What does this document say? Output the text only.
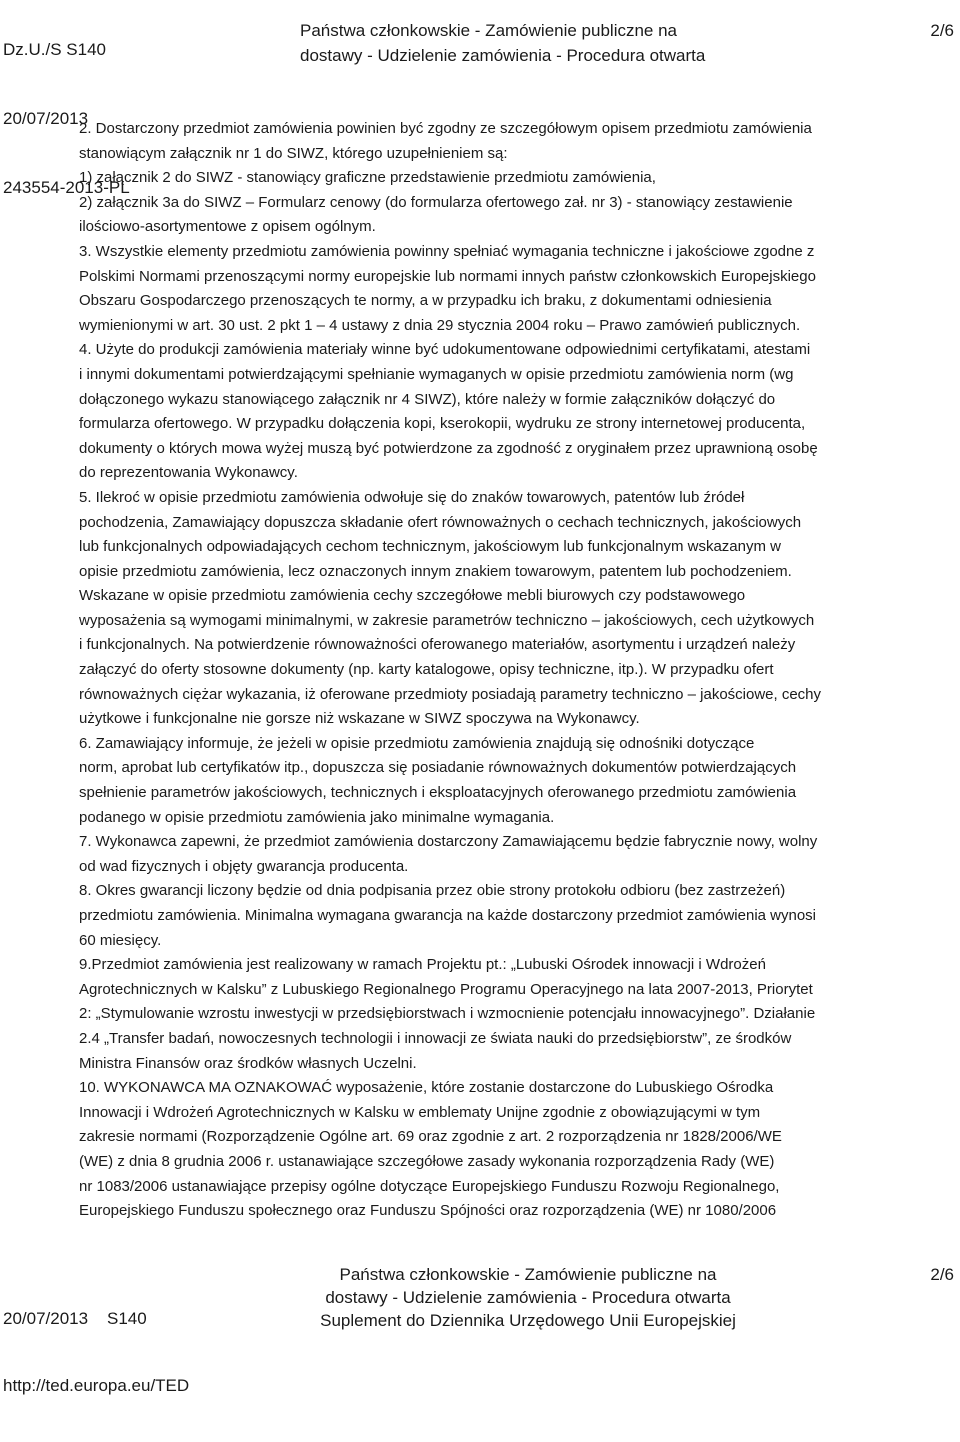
Dz.U./S S140

20/07/2013

243554-2013-PL

Państwa członkowskie - Zamówienie publiczne na
dostawy - Udzielenie zamówienia - Procedura otwarta
2/6
2. Dostarczony przedmiot zamówienia powinien być zgodny ze szczegółowym opisem przedmiotu zamówienia
stanowiącym załącznik nr 1 do SIWZ, którego uzupełnieniem są:
1) załącznik 2 do SIWZ - stanowiący graficzne przedstawienie przedmiotu zamówienia,
2) załącznik 3a do SIWZ – Formularz cenowy (do formularza ofertowego zał. nr 3) - stanowiący zestawienie
ilościowo-asortymentowe z opisem ogólnym.
3. Wszystkie elementy przedmiotu zamówienia powinny spełniać wymagania techniczne i jakościowe zgodne z
Polskimi Normami przenoszącymi normy europejskie lub normami innych państw członkowskich Europejskiego
Obszaru Gospodarczego przenoszących te normy, a w przypadku ich braku, z dokumentami odniesienia
wymienionymi w art. 30 ust. 2 pkt 1 – 4 ustawy z dnia 29 stycznia 2004 roku – Prawo zamówień publicznych.
4. Użyte do produkcji zamówienia materiały winne być udokumentowane odpowiednimi certyfikatami, atestami
i innymi dokumentami potwierdzającymi spełnianie wymaganych w opisie przedmiotu zamówienia norm (wg
dołączonego wykazu stanowiącego załącznik nr 4 SIWZ), które należy w formie załączników dołączyć do
formularza ofertowego. W przypadku dołączenia kopi, kserokopii, wydruku ze strony internetowej producenta,
dokumenty o których mowa wyżej muszą być potwierdzone za zgodność z oryginałem przez uprawnioną osobę
do reprezentowania Wykonawcy.
5. Ilekroć w opisie przedmiotu zamówienia odwołuje się do znaków towarowych, patentów lub źródeł
pochodzenia, Zamawiający dopuszcza składanie ofert równoważnych o cechach technicznych, jakościowych
lub funkcjonalnych odpowiadających cechom technicznym, jakościowym lub funkcjonalnym wskazanym w
opisie przedmiotu zamówienia, lecz oznaczonych innym znakiem towarowym, patentem lub pochodzeniem.
Wskazane w opisie przedmiotu zamówienia cechy szczegółowe mebli biurowych czy podstawowego
wyposażenia są wymogami minimalnymi, w zakresie parametrów techniczno – jakościowych, cech użytkowych
i funkcjonalnych. Na potwierdzenie równoważności oferowanego materiałów, asortymentu i urządzeń należy
załączyć do oferty stosowne dokumenty (np. karty katalogowe, opisy techniczne, itp.). W przypadku ofert
równoważnych ciężar wykazania, iż oferowane przedmioty posiadają parametry techniczno – jakościowe, cechy
użytkowe i funkcjonalne nie gorsze niż wskazane w SIWZ spoczywa na Wykonawcy.
6. Zamawiający informuje, że jeżeli w opisie przedmiotu zamówienia znajdują się odnośniki dotyczące
norm, aprobat lub certyfikatów itp., dopuszcza się posiadanie równoważnych dokumentów potwierdzających
spełnienie parametrów jakościowych, technicznych i eksploatacyjnych oferowanego przedmiotu zamówienia
podanego w opisie przedmiotu zamówienia jako minimalne wymagania.
7. Wykonawca zapewni, że przedmiot zamówienia dostarczony Zamawiającemu będzie fabrycznie nowy, wolny
od wad fizycznych i objęty gwarancja producenta.
8. Okres gwarancji liczony będzie od dnia podpisania przez obie strony protokołu odbioru (bez zastrzeżeń)
przedmiotu zamówienia. Minimalna wymagana gwarancja na każde dostarczony przedmiot zamówienia wynosi
60 miesięcy.
9.Przedmiot zamówienia jest realizowany w ramach Projektu pt.: „Lubuski Ośrodek innowacji i Wdrożeń
Agrotechnicznych w Kalsku” z Lubuskiego Regionalnego Programu Operacyjnego na lata 2007-2013, Priorytet
2: „Stymulowanie wzrostu inwestycji w przedsiębiorstwach i wzmocnienie potencjału innowacyjnego”. Działanie
2.4 „Transfer badań, nowoczesnych technologii i innowacji ze świata nauki do przedsiębiorstw”, ze środków
Ministra Finansów oraz środków własnych Uczelni.
10. WYKONAWCA MA OZNAKOWAĆ wyposażenie, które zostanie dostarczone do Lubuskiego Ośrodka
Innowacji i Wdrożeń Agrotechnicznych w Kalsku w emblematy Unijne zgodnie z obowiązującymi w tym
zakresie normami (Rozporządzenie Ogólne art. 69 oraz zgodnie z art. 2 rozporządzenia nr 1828/2006/WE
(WE) z dnia 8 grudnia 2006 r. ustanawiające szczegółowe zasady wykonania rozporządzenia Rady (WE)
nr 1083/2006 ustanawiające przepisy ogólne dotyczące Europejskiego Funduszu Rozwoju Regionalnego,
Europejskiego Funduszu społecznego oraz Funduszu Spójności oraz rozporządzenia (WE) nr 1080/2006

20/07/2013    S140

http://ted.europa.eu/TED

Państwa członkowskie - Zamówienie publiczne na
dostawy - Udzielenie zamówienia - Procedura otwarta
Suplement do Dziennika Urzędowego Unii Europejskiej
2/6
